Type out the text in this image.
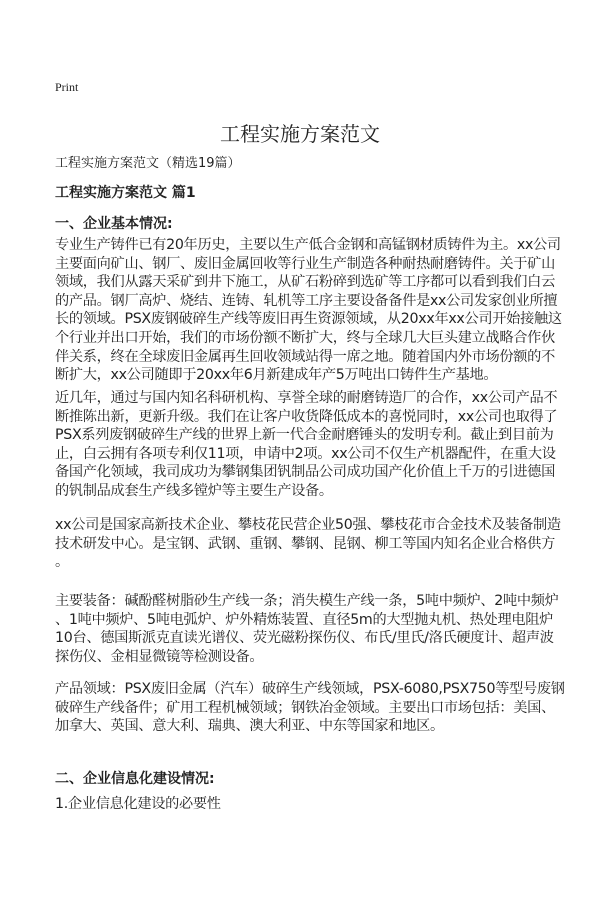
Print
工程实施方案范文
工程实施方案范文（精选19篇）
工程实施方案范文 篇1
一、企业基本情况:
专业生产铸件已有20年历史，主要以生产低合金钢和高锰钢材质铸件为主。xx公司
主要面向矿山、钢厂、废旧金属回收等行业生产制造各种耐热耐磨铸件。关于矿山
领域，我们从露天采矿到井下施工，从矿石粉碎到选矿等工序都可以看到我们白云
的产品。钢厂高炉、烧结、连铸、轧机等工序主要设备备件是xx公司发家创业所擅
长的领域。PSX废钢破碎生产线等废旧再生资源领域，从20xx年xx公司开始接触这
个行业并出口开始，我们的市场份额不断扩大，终与全球几大巨头建立战略合作伙
伴关系，终在全球废旧金属再生回收领域站得一席之地。随着国内外市场份额的不
断扩大，xx公司随即于20xx年6月新建成年产5万吨出口铸件生产基地。
近几年，通过与国内知名科研机构、享誉全球的耐磨铸造厂的合作，xx公司产品不
断推陈出新，更新升级。我们在让客户收货降低成本的喜悦同时，xx公司也取得了
PSX系列废钢破碎生产线的世界上新一代合金耐磨锤头的发明专利。截止到目前为
止，白云拥有各项专利仅11项，申请中2项。xx公司不仅生产机器配件，在重大设
备国产化领域，我司成功为攀钢集团钒制品公司成功国产化价值上千万的引进德国
的钒制品成套生产线多镗炉等主要生产设备。
xx公司是国家高新技术企业、攀枝花民营企业50强、攀枝花市合金技术及装备制造
技术研发中心。是宝钢、武钢、重钢、攀钢、昆钢、柳工等国内知名企业合格供方
。
主要装备：碱酚醛树脂砂生产线一条；消失模生产线一条，5吨中频炉、2吨中频炉
、1吨中频炉、5吨电弧炉、炉外精炼装置、直径5m的大型抛丸机、热处理电阻炉
10台、德国斯派克直读光谱仪、荧光磁粉探伤仪、布氏/里氏/洛氏硬度计、超声波
探伤仪、金相显微镜等检测设备。
产品领域：PSX废旧金属（汽车）破碎生产线领域，PSX-6080,PSX750等型号废钢
破碎生产线备件；矿用工程机械领域；钢铁冶金领域。主要出口市场包括：美国、
加拿大、英国、意大利、瑞典、澳大利亚、中东等国家和地区。
二、企业信息化建设情况:
1.企业信息化建设的必要性
